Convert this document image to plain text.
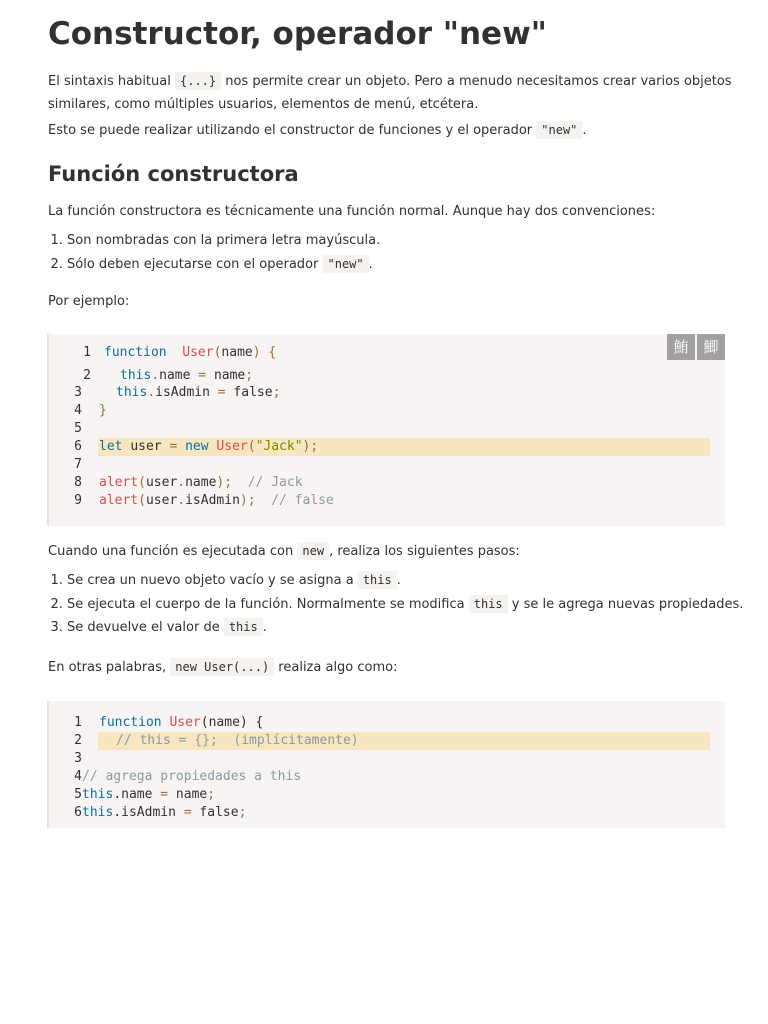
Constructor, operador "new"

El sintaxis habitual {...} nos permite crear un objeto. Pero a menudo necesitamos crear varios objetos
similares, como múltiples usuarios, elementos de menú, etcétera.

Esto se puede realizar utilizando el constructor de funciones y el operador "new" .

Función constructora

La función constructora es técnicamente una función normal. Aunque hay dos convenciones:

1. Son nombradas con la primera letra mayúscula.
2. Sólo deben ejecutarse con el operador "new" .

Por ejemplo:

Cuando una función es ejecutada con new , realiza los siguientes pasos:

1. Se crea un nuevo objeto vacío y se asigna a this .
2. Se ejecuta el cuerpo de la función. Normalmente se modifica this y se le agrega nuevas propiedades.
3. Se devuelve el valor de this .

En otras palabras, new User(...) realiza algo como:

鮪 鯽
1 function User(name) {
2 this.name = name;
3	this.isAdmin = false;
4 }
5
6 let user = new User("Jack");
7
8 alert(user.name); // Jack
9 alert(user.isAdmin); // false
1 function User(name) {
2	// this = {};  (implícitamente)
3
4 // agrega propiedades a this
5 this.name = name;
6 this.isAdmin = false;
